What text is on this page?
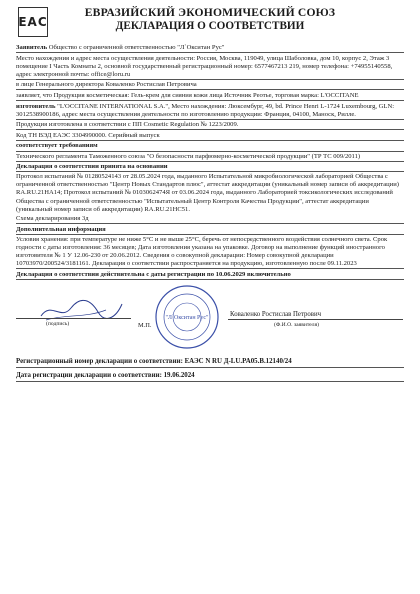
EAC
ЕВРАЗИЙСКИЙ ЭКОНОМИЧЕСКИЙ СОЮЗ
ДЕКЛАРАЦИЯ О СООТВЕТСТВИИ
Заявитель Общество с ограниченной ответственностью "Л`Окситан Рус"
Место нахождения и адрес места осуществления деятельности: Россия, Москва, 119049, улица Шаболовка, дом 10, корпус 2, Этаж 3 помещение I Часть Комнаты 2, основной государственный регистрационный номер: 6577467213 219, номер телефона: +74955140558, адрес электронной почты: office@loru.ru
в лице Генерального директора Коваленко Ростислав Петровича
заявляет, что Продукция косметическая: Гель-крем для сияния кожи лица Источник Реотье, торговая марка: L'OCCITANE
изготовитель "L'OCCITANE INTERNATIONAL S.A.", Место нахождения: Люксембург, 49, bd. Prince Henri L-1724 Luxembourg, GLN: 3012538900186, адрес места осуществления деятельности по изготовлению продукции: Франция, 04100, Маноск, Рилле.
Продукция изготовлена в соответствии с ПП Cosmetic Regulation № 1223/2009.
Код ТН ВЭД ЕАЭС 3304990000. Серийный выпуск
соответствует требованиям
Технического регламента Таможенного союза "О безопасности парфюмерно-косметической продукции" (ТР ТС 009/2011)
Декларация о соответствии принята на основании
Протокол испытаний № 01280524143 от 28.05.2024 года, выданного Испытательной микробиологической лабораторией Общества с ограниченной ответственностью "Центр Новых Стандартов плюс", аттестат аккредитации (уникальный номер записи об аккредитации) RA.RU.21HA14; Протокол испытаний № 0103062474Я от 03.06.2024 года, выданного Лабораторией токсикологических исследований Общества с ограниченной ответственностью "Испытательный Центр Контроля Качества Продукции", аттестат аккредитации (уникальный номер записи об аккредитации) RA.RU.21HC51.
Схема декларирования 3д
Дополнительная информация
Условия хранения: при температуре не ниже 5°C и не выше 25°C, беречь от непосредственного воздействия солнечного света. Срок годности с даты изготовления: 36 месяцев; Дата изготовления указана на упаковке. Договор на выполнение функций иностранного изготовителя № 1 У 12.06-230 от 20.06.2012. Сведения о совокупной декларации: Номер совокупной декларации 10703970/200524/3181161. Декларация о соответствии распространяется на продукцию, изготовленную после 09.11.2023
Декларация о соответствии действительна с даты регистрации по 10.06.2029 включительно
(подпись)	М.П.
"Л`Окситан Рус"	Коваленко Ростислав Петрович
(Ф.И.О. заявителя)
Регистрационный номер декларации о соответствии: ЕАЭС N RU Д-LU.PA05.В.12140/24
Дата регистрации декларации о соответствии: 19.06.2024
